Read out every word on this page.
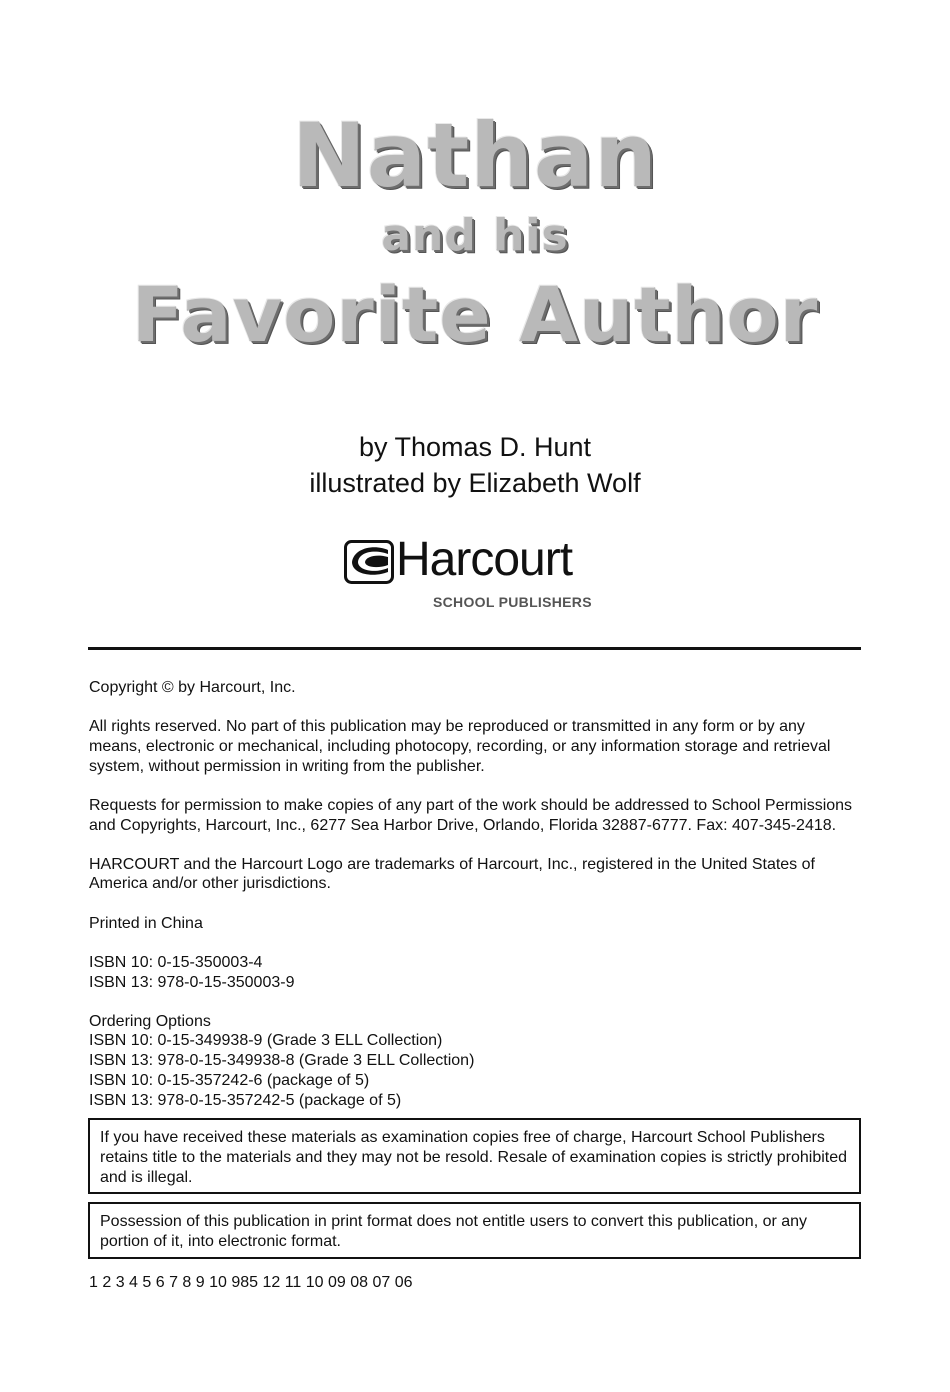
Nathan
and his
Favorite Author
by Thomas D. Hunt
illustrated by Elizabeth Wolf
Harcourt
SCHOOL PUBLISHERS

Copyright © by Harcourt, Inc.

All rights reserved. No part of this publication may be reproduced or transmitted in any form or by any means, electronic or mechanical, including photocopy, recording, or any information storage and retrieval system, without permission in writing from the publisher.

Requests for permission to make copies of any part of the work should be addressed to School Permissions and Copyrights, Harcourt, Inc., 6277 Sea Harbor Drive, Orlando, Florida 32887-6777. Fax: 407-345-2418.

HARCOURT and the Harcourt Logo are trademarks of Harcourt, Inc., registered in the United States of America and/or other jurisdictions.

Printed in China

ISBN 10: 0-15-350003-4
ISBN 13: 978-0-15-350003-9

Ordering Options
ISBN 10: 0-15-349938-9 (Grade 3 ELL Collection)
ISBN 13: 978-0-15-349938-8 (Grade 3 ELL Collection)
ISBN 10: 0-15-357242-6 (package of 5)
ISBN 13: 978-0-15-357242-5 (package of 5)

If you have received these materials as examination copies free of charge, Harcourt School Publishers retains title to the materials and they may not be resold. Resale of examination copies is strictly prohibited and is illegal.
Possession of this publication in print format does not entitle users to convert this publication, or any portion of it, into electronic format.

1 2 3 4 5 6 7 8 9 10 985 12 11 10 09 08 07 06
